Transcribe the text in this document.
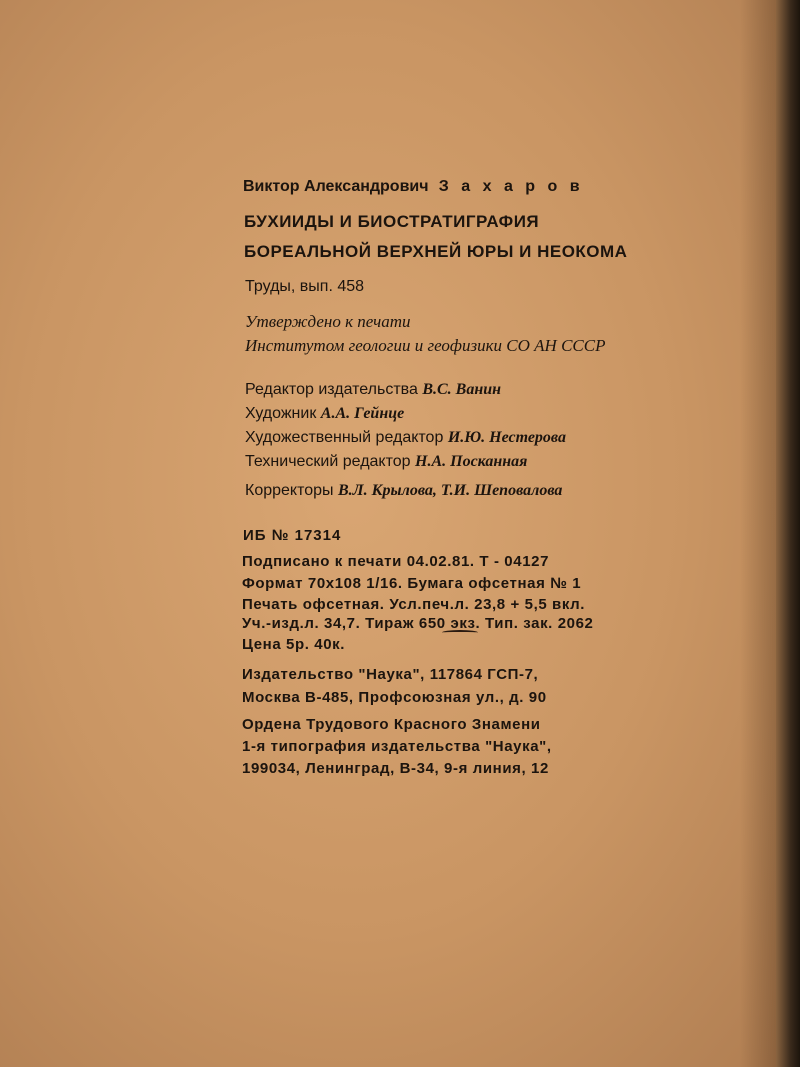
Виктор Александрович З а х а р о в
БУХИИДЫ И БИОСТРАТИГРАФИЯ
БОРЕАЛЬНОЙ ВЕРХНЕЙ ЮРЫ И НЕОКОМА
Труды, вып. 458
Утверждено к печати
Институтом геологии и геофизики СО АН СССР
Редактор издательства В.С. Ванин
Художник А.А. Гейнце
Художественный редактор И.Ю. Нестерова
Технический редактор Н.А. Посканная
Корректоры В.Л. Крылова, Т.И. Шеповалова
ИБ № 17314
Подписано к печати 04.02.81. Т - 04127
Формат 70х108 1/16. Бумага офсетная № 1
Печать офсетная. Усл.печ.л. 23,8 + 5,5 вкл.
Уч.-изд.л. 34,7. Тираж 650 экз. Тип. зак. 2062
Цена 5р. 40к.
Издательство "Наука", 117864 ГСП-7,
Москва В-485, Профсоюзная ул., д. 90
Ордена Трудового Красного Знамени
1-я типография издательства "Наука",
199034, Ленинград, В-34, 9-я линия, 12
